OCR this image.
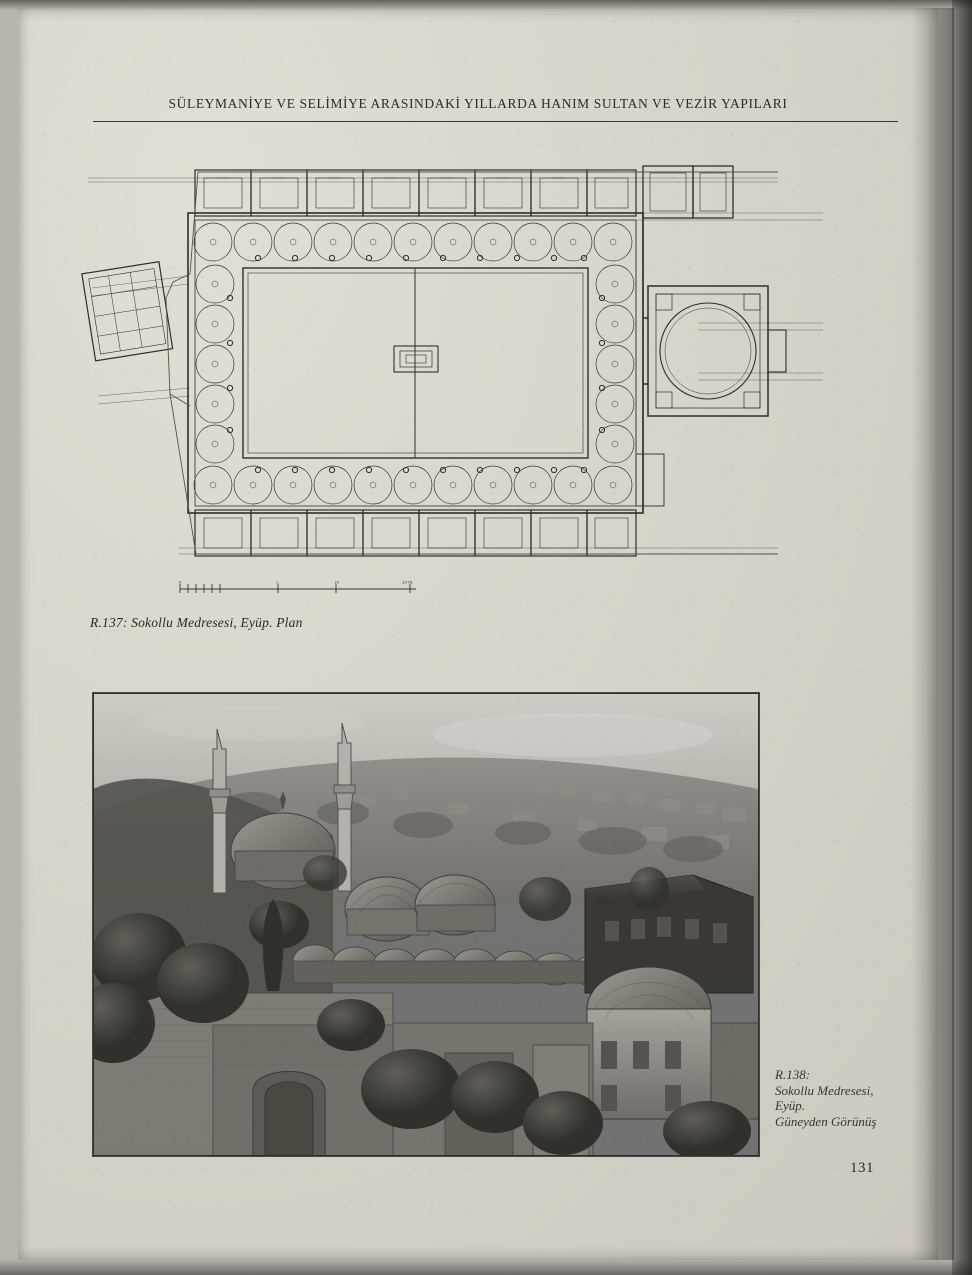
SÜLEYMANİYE VE SELİMİYE ARASINDAKİ YILLARDA HANIM SULTAN VE VEZİR YAPILARI
0	5	10	20 m.
R.137: Sokollu Medresesi, Eyüp. Plan
R.138:
Sokollu Medresesi,
Eyüp.
Güneyden Görünüş
131
